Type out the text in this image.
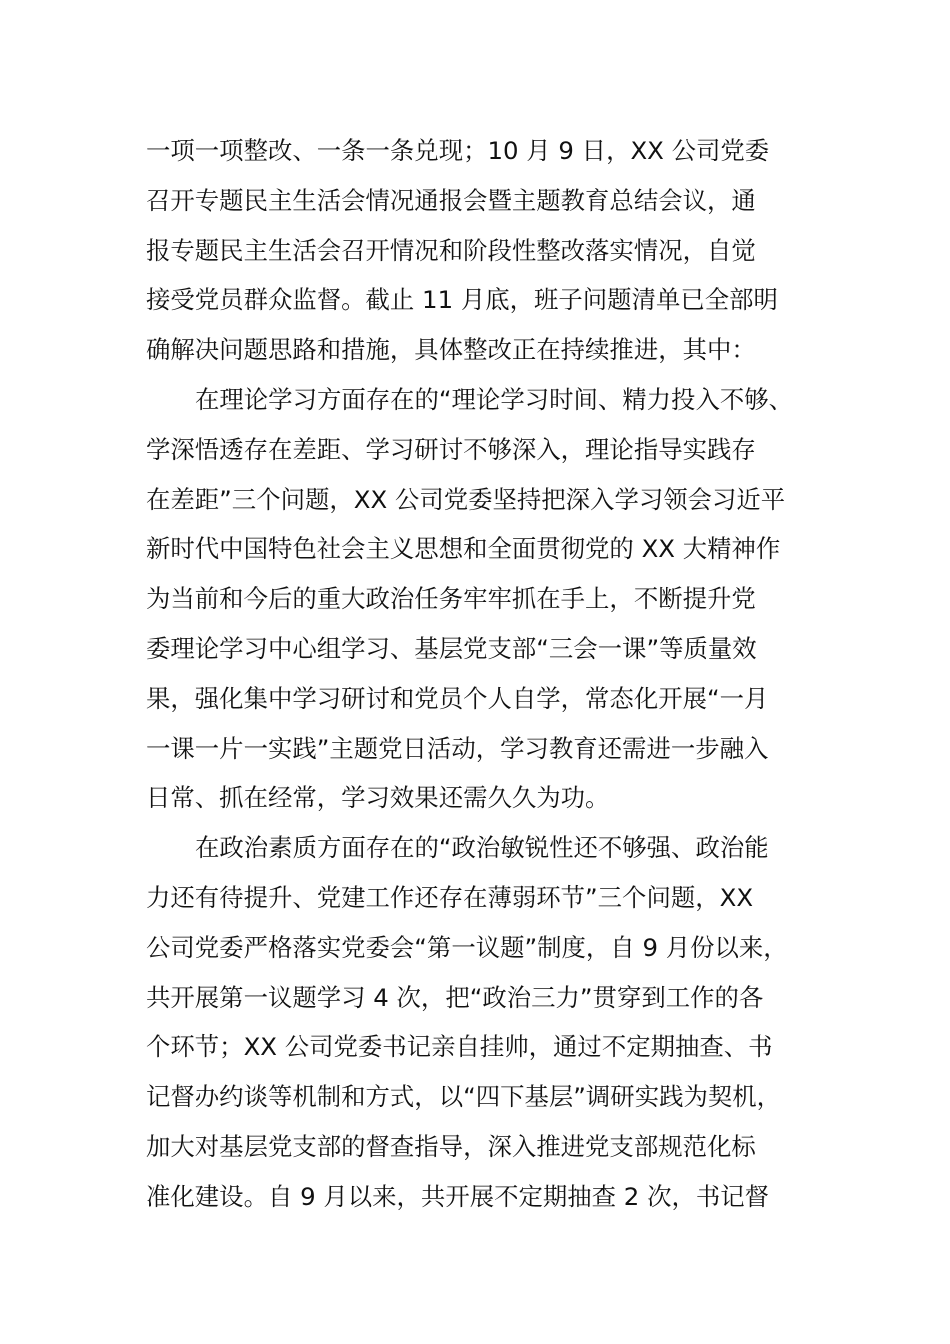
一项一项整改、一条一条兑现；10 月 9 日，XX 公司党委
召开专题民主生活会情况通报会暨主题教育总结会议，通
报专题民主生活会召开情况和阶段性整改落实情况，自觉
接受党员群众监督。截止 11 月底，班子问题清单已全部明
确解决问题思路和措施，具体整改正在持续推进，其中：
在理论学习方面存在的“理论学习时间、精力投入不够、
学深悟透存在差距、学习研讨不够深入，理论指导实践存
在差距”三个问题，XX 公司党委坚持把深入学习领会习近平
新时代中国特色社会主义思想和全面贯彻党的 XX 大精神作
为当前和今后的重大政治任务牢牢抓在手上，不断提升党
委理论学习中心组学习、基层党支部“三会一课”等质量效
果，强化集中学习研讨和党员个人自学，常态化开展“一月
一课一片一实践”主题党日活动，学习教育还需进一步融入
日常、抓在经常，学习效果还需久久为功。
在政治素质方面存在的“政治敏锐性还不够强、政治能
力还有待提升、党建工作还存在薄弱环节”三个问题，XX
公司党委严格落实党委会“第一议题”制度，自 9 月份以来，
共开展第一议题学习 4 次，把“政治三力”贯穿到工作的各
个环节；XX 公司党委书记亲自挂帅，通过不定期抽查、书
记督办约谈等机制和方式，以“四下基层”调研实践为契机，
加大对基层党支部的督查指导，深入推进党支部规范化标
准化建设。自 9 月以来，共开展不定期抽查 2 次，书记督
